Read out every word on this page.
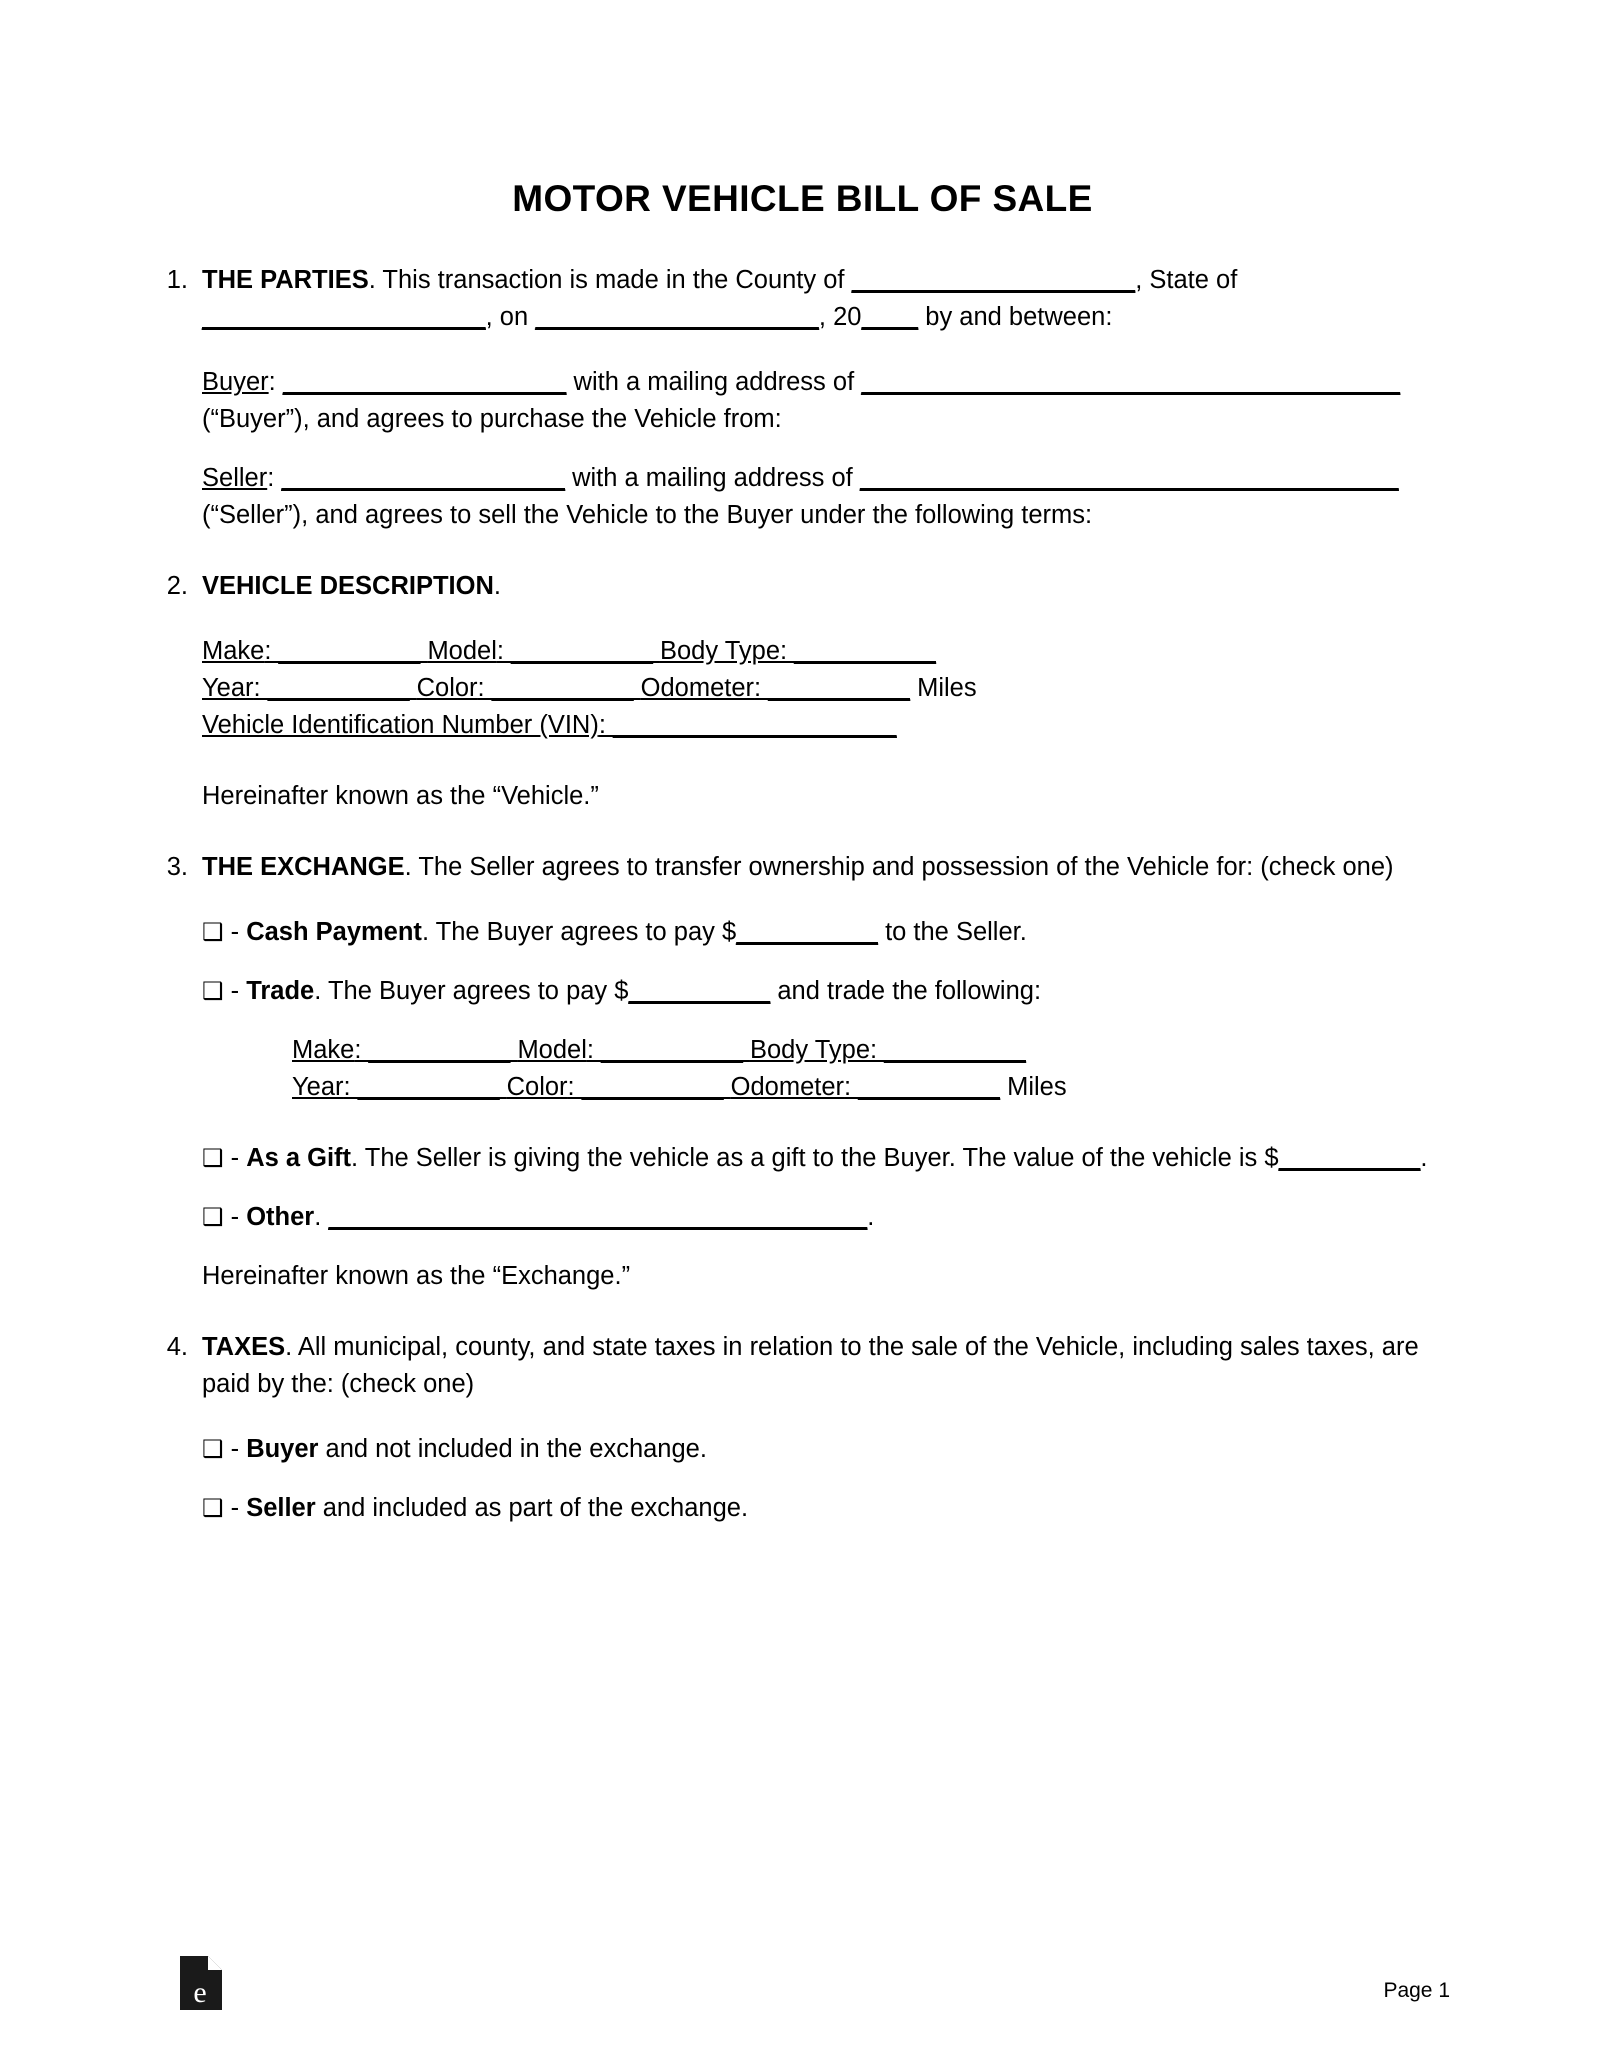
MOTOR VEHICLE BILL OF SALE
1. THE PARTIES. This transaction is made in the County of ____________________, State of ____________________, on ____________________, 20____ by and between:
Buyer: ____________________ with a mailing address of ______________________________________ (“Buyer”), and agrees to purchase the Vehicle from:
Seller: ____________________ with a mailing address of ______________________________________ (“Seller”), and agrees to sell the Vehicle to the Buyer under the following terms:
2. VEHICLE DESCRIPTION.
Make: __________ Model: __________ Body Type: __________
Year: __________ Color: __________ Odometer: __________ Miles
Vehicle Identification Number (VIN): ____________________
Hereinafter known as the “Vehicle.”
3. THE EXCHANGE. The Seller agrees to transfer ownership and possession of the Vehicle for: (check one)
❑ - Cash Payment. The Buyer agrees to pay $__________ to the Seller.
❑ - Trade. The Buyer agrees to pay $__________ and trade the following:
Make: __________ Model: __________ Body Type: __________
Year: __________ Color: __________ Odometer: __________ Miles
❑ - As a Gift. The Seller is giving the vehicle as a gift to the Buyer. The value of the vehicle is $__________.
❑ - Other. ______________________________________.
Hereinafter known as the “Exchange.”
4. TAXES. All municipal, county, and state taxes in relation to the sale of the Vehicle, including sales taxes, are paid by the: (check one)
❑ - Buyer and not included in the exchange.
❑ - Seller and included as part of the exchange.
e	Page 1
